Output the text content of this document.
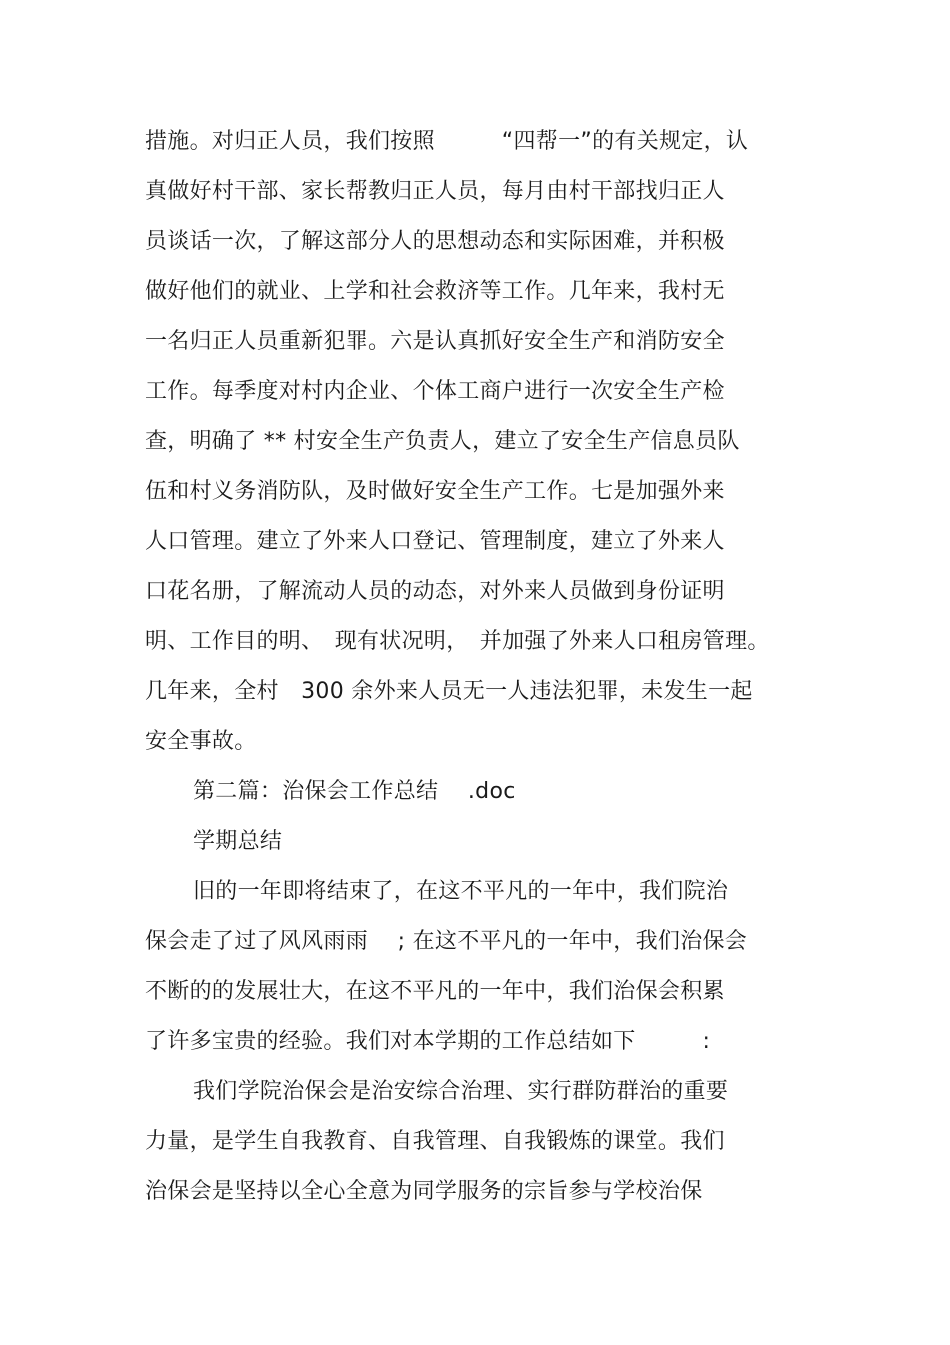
措施。对归正人员，我们按照　　　“四帮一”的有关规定，认
真做好村干部、家长帮教归正人员，每月由村干部找归正人
员谈话一次，了解这部分人的思想动态和实际困难，并积极
做好他们的就业、上学和社会救济等工作。几年来，我村无
一名归正人员重新犯罪。六是认真抓好安全生产和消防安全
工作。每季度对村内企业、个体工商户进行一次安全生产检
查，明确了 ** 村安全生产负责人，建立了安全生产信息员队
伍和村义务消防队，及时做好安全生产工作。七是加强外来
人口管理。建立了外来人口登记、管理制度，建立了外来人
口花名册，了解流动人员的动态，对外来人员做到身份证明
明、工作目的明、　现有状况明，　并加强了外来人口租房管理。
几年来，全村　300 余外来人员无一人违法犯罪，未发生一起
安全事故。
第二篇：治保会工作总结　 .doc
学期总结
旧的一年即将结束了，在这不平凡的一年中，我们院治
保会走了过了风风雨雨　 ; 在这不平凡的一年中，我们治保会
不断的的发展壮大，在这不平凡的一年中，我们治保会积累
了许多宝贵的经验。我们对本学期的工作总结如下　　　:
我们学院治保会是治安综合治理、实行群防群治的重要
力量，是学生自我教育、自我管理、自我锻炼的课堂。我们
治保会是坚持以全心全意为同学服务的宗旨参与学校治保
